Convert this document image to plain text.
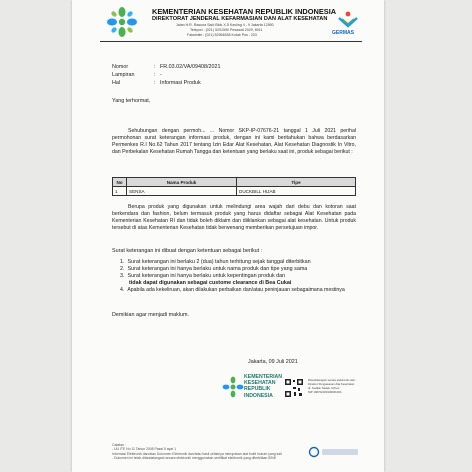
KEMENTERIAN KESEHATAN REPUBLIK INDONESIA
DIREKTORAT JENDERAL KEFARMASIAN DAN ALAT KESEHATAN
Jalan H.R. Rasuna Said Blok X-5 Kavling 4 - 9 Jakarta 12950
Telepon : (021) 5201590 Pesawat 2029, 8011
Faksimile : (021) 52964838 Kotak Pos : 203	GERMAS
Nomor	: FR.03.02/VA/09408/2021
Lampiran	: -
Hal	: Informasi Produk
Yang terhormat,
Sehubungan dengan permoh... ... Nomor SKP-IP-07676-21 tanggal 1 Juli 2021 perihal permohonan surat keterangan informasi produk, dengan ini kami beritahukan bahwa berdasarkan Permenkes R.I No.62 Tahun 2017 tentang Izin Edar Alat Kesehatan, Alat Kesehatan Diagnostik In Vitro, dan Perbekalan Kesehatan Rumah Tangga dan ketentuan yang berlaku saat ini, produk sebagai berikut :
No	Nama Produk	Tipe
1	SENSA	DUCKBILL HIJAB
Berupa produk yang digunakan untuk melindungi area wajah dari debu dan kotoran saat berkendara dan fashion, belum termasuk produk yang harus didaftar sebagai Alat Kesehatan pada Kementerian Kesehatan RI dan tidak boleh diklaim dan diiklankan sebagai alat kesehatan. Untuk produk tersebut di atas Kementerian Kesehatan tidak berwenang memberikan persetujuan impor.
Surat keterangan ini dibuat dengan ketentuan sebagai berikut :
1. Surat keterangan ini berlaku 2 (dua) tahun terhitung sejak tanggal diterbitkan
2. Surat keterangan ini hanya berlaku untuk nama produk dan tipe yang sama
3. Surat keterangan ini hanya berlaku untuk kepentingan produk dan
tidak dapat digunakan sebagai custome clearance di Bea Cukai
4. Apabila ada kekeliruan, akan dilakukan perbaikan dan/atau peninjauan sebagaimana mestinya
Demikian agar menjadi maklum.
Jakarta, 09 Juli 2021
KEMENTERIAN
KESEHATAN
REPUBLIK
INDONESIA
Ditandatangani secara elektronik oleh :
Direktur Pengawasan Alat Kesehatan
dr. Sodikin Sadek, M.Kes
NIP 196702181993031004
Catatan :
- UU ITE No 11 Tahun 2008 Pasal 5 ayat 1
Informasi Elektronik dan/atau Dokumen Elektronik dan/atau hasil cetaknya merupakan alat bukti hukum yang sah
- Dokumen ini telah ditandatangani secara elektronik menggunakan sertifikat elektronik yang diterbitkan BSrE
